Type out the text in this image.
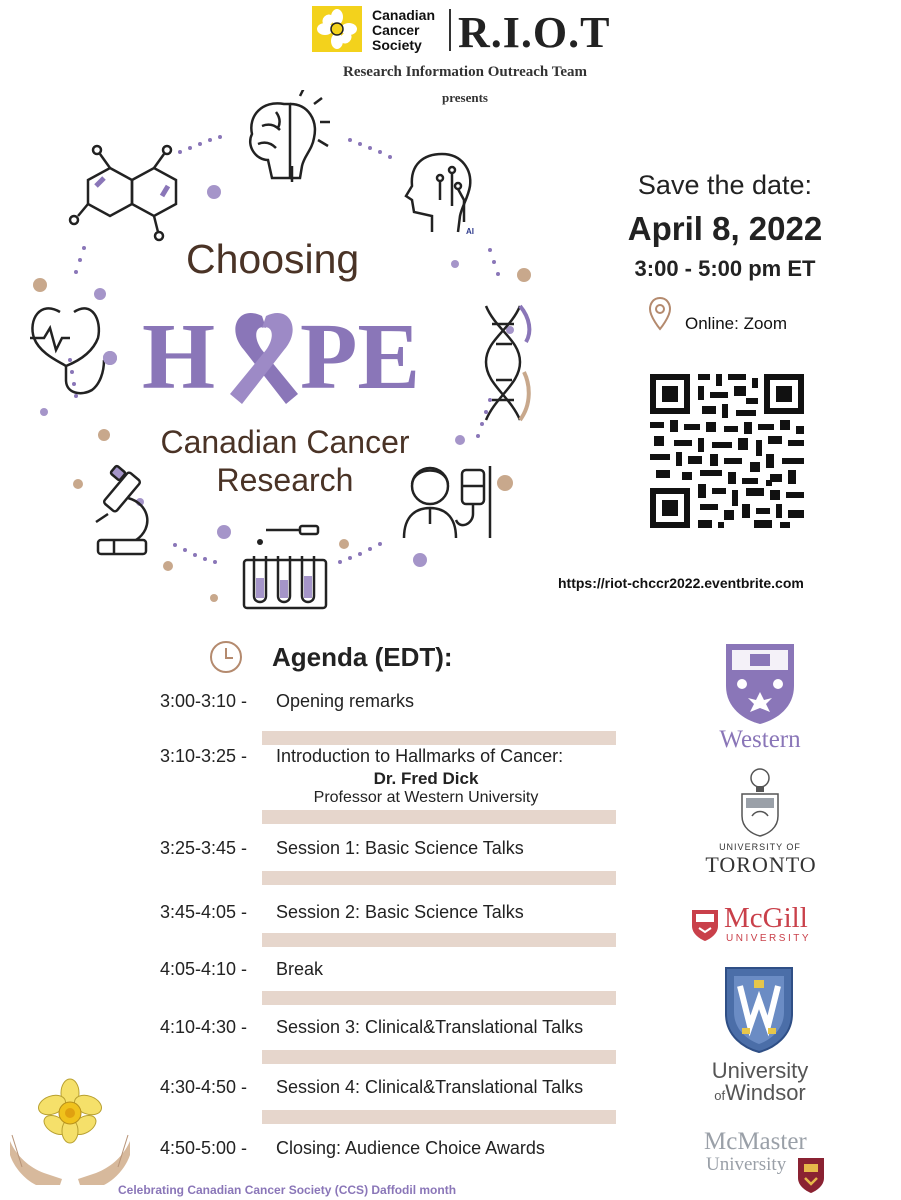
Canadian
Cancer
Society R.I.O.T
Research Information Outreach Team
presents
AI
H PE
Choosing
Canadian Cancer
Research
Save the date:
April 8, 2022
3:00 - 5:00 pm ET
Online: Zoom
https://riot-chccr2022.eventbrite.com
Agenda (EDT):
3:00-3:10 - Opening remarks
3:10-3:25 - Introduction to Hallmarks of Cancer:
Dr. Fred Dick
Professor at Western University
3:25-3:45 - Session 1: Basic Science Talks
3:45-4:05 - Session 2: Basic Science Talks
4:05-4:10 - Break
4:10-4:30 - Session 3: Clinical&Translational Talks
4:30-4:50 - Session 4: Clinical&Translational Talks
4:50-5:00 - Closing: Audience Choice Awards
Western
UNIVERSITY OF
TORONTO
McGill
UNIVERSITY
University
ofWindsor
McMaster
University
Celebrating Canadian Cancer Society (CCS) Daffodil month
